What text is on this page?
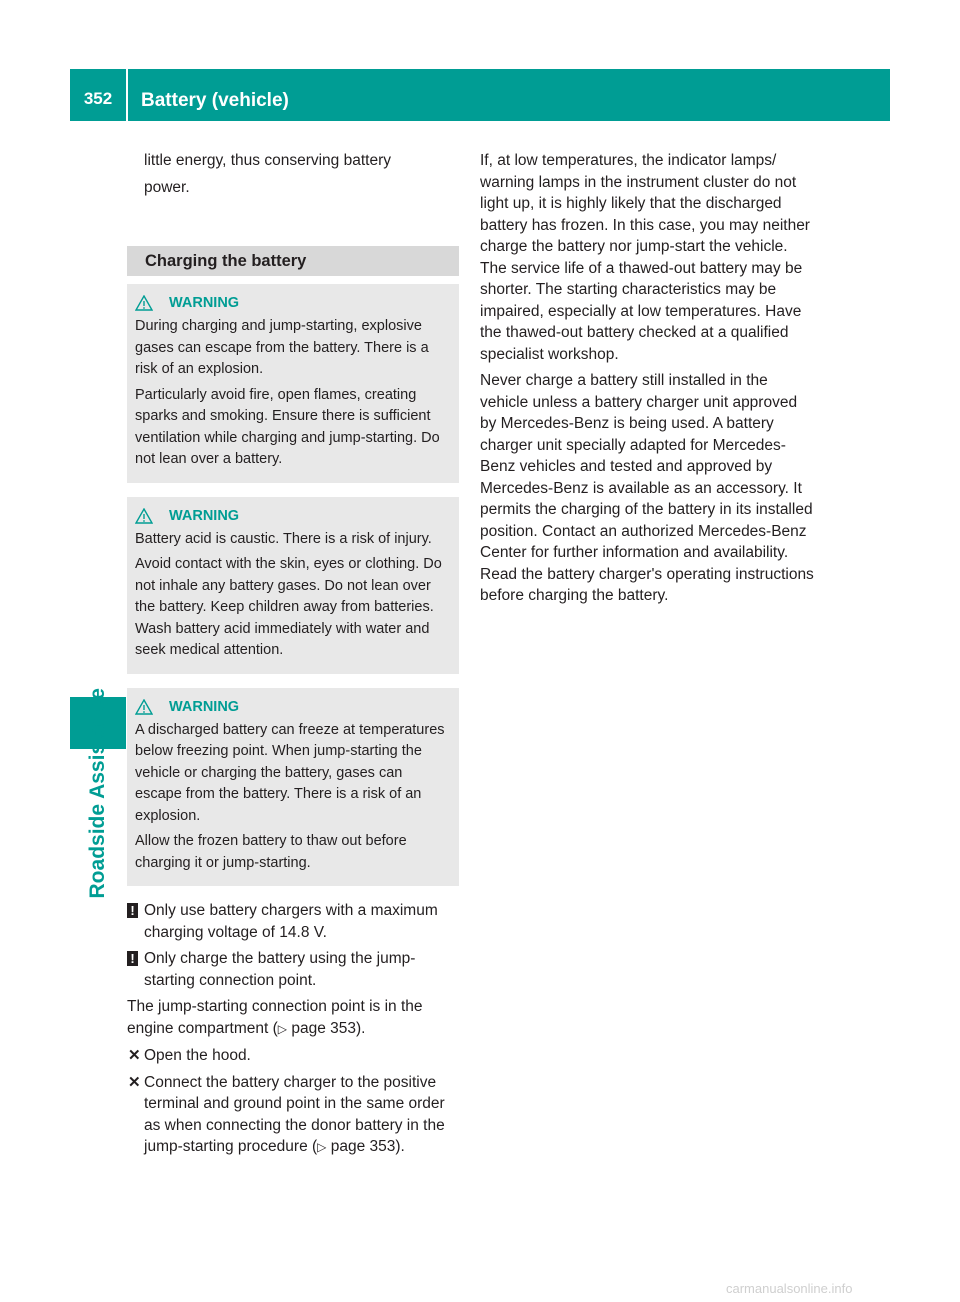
352	Battery (vehicle)
Roadside Assistance

little energy, thus conserving battery

power.

Charging the battery
WARNING

During charging and jump-starting, explosive gases can escape from the battery. There is a risk of an explosion.

Particularly avoid fire, open flames, creating sparks and smoking. Ensure there is sufficient ventilation while charging and jump-starting. Do not lean over a battery.

WARNING

Battery acid is caustic. There is a risk of injury.

Avoid contact with the skin, eyes or clothing. Do not inhale any battery gases. Do not lean over the battery. Keep children away from batteries. Wash battery acid immediately with water and seek medical attention.

WARNING

A discharged battery can freeze at temperatures below freezing point. When jump-starting the vehicle or charging the battery, gases can escape from the battery. There is a risk of an explosion.

Allow the frozen battery to thaw out before charging it or jump-starting.

! Only use battery chargers with a maximum charging voltage of 14.8 V.

! Only charge the battery using the jump-starting connection point.

The jump-starting connection point is in the engine compartment (▷ page 353).

✕ Open the hood.

✕ Connect the battery charger to the positive terminal and ground point in the same order as when connecting the donor battery in the jump-starting procedure (▷ page 353).

If, at low temperatures, the indicator lamps/ warning lamps in the instrument cluster do not light up, it is highly likely that the discharged battery has frozen. In this case, you may neither charge the battery nor jump-start the vehicle. The service life of a thawed-out battery may be shorter. The starting characteristics may be impaired, especially at low temperatures. Have the thawed-out battery checked at a qualified specialist workshop.

Never charge a battery still installed in the vehicle unless a battery charger unit approved by Mercedes-Benz is being used. A battery charger unit specially adapted for Mercedes-Benz vehicles and tested and approved by Mercedes-Benz is available as an accessory. It permits the charging of the battery in its installed position. Contact an authorized Mercedes-Benz Center for further information and availability. Read the battery charger's operating instructions before charging the battery.

carmanualsonline.info
